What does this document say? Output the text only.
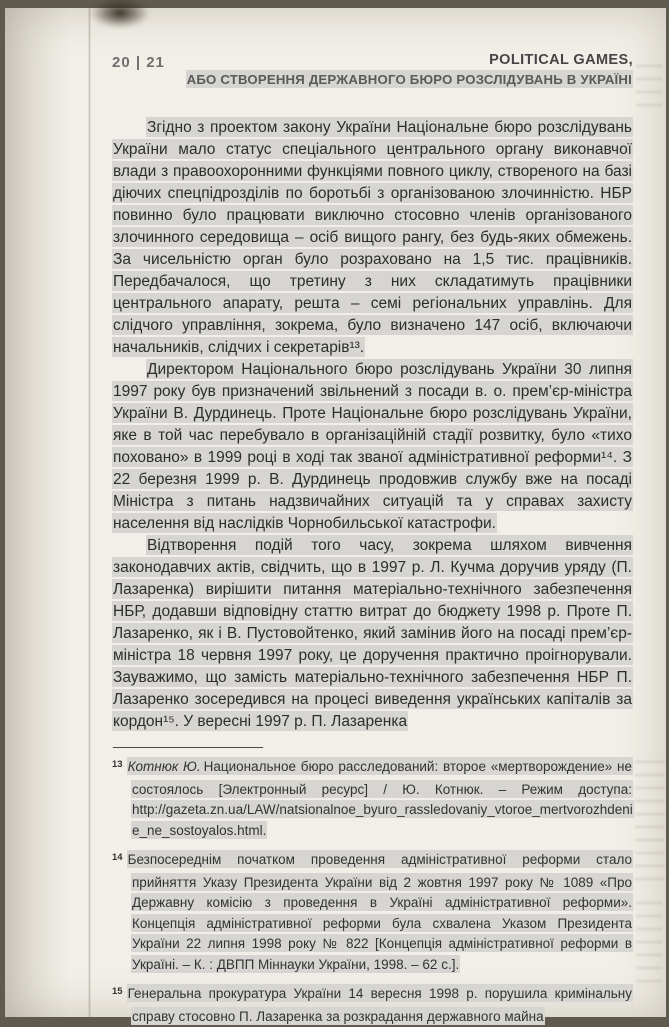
20 | 21	POLITICAL GAMES,
АБО СТВОРЕННЯ ДЕРЖАВНОГО БЮРО РОЗСЛІДУВАНЬ В УКРАЇНІ

Згідно з проектом закону України Національне бюро розслідувань України мало статус спеціального центрального органу виконавчої влади з правоохоронними функціями повного циклу, створеного на базі діючих спецпідрозділів по боротьбі з організованою злочинністю. НБР повинно було працювати виключно стосовно членів організованого злочинного середовища – осіб вищого рангу, без будь-яких обмежень. За чисельністю орган було розраховано на 1,5 тис. працівників. Передбачалося, що третину з них складатимуть працівники центрального апарату, решта – семі регіональних управлінь. Для слідчого управління, зокрема, було визначено 147 осіб, включаючи начальників, слідчих і секретарів¹³.

Директором Національного бюро розслідувань України 30 липня 1997 року був призначений звільнений з посади в. о. прем’єр-міністра України В. Дурдинець. Проте Національне бюро розслідувань України, яке в той час перебувало в організаційній стадії розвитку, було «тихо поховано» в 1999 році в ході так званої адміністративної реформи¹⁴. З 22 березня 1999 р. В. Дурдинець продовжив службу вже на посаді Міністра з питань надзвичайних ситуацій та у справах захисту населення від наслідків Чорнобильської катастрофи.

Відтворення подій того часу, зокрема шляхом вивчення законодавчих актів, свідчить, що в 1997 р. Л. Кучма доручив уряду (П. Лазаренка) вирішити питання матеріально-технічного забезпечення НБР, додавши відповідну статтю витрат до бюджету 1998 р. Проте П. Лазаренко, як і В. Пустовойтенко, який замінив його на посаді прем’єр-міністра 18 червня 1997 року, це доручення практично проігнорували. Зауважимо, що замість матеріально-технічного забезпечення НБР П. Лазаренко зосередився на процесі виведення українських капіталів за кордон¹⁵. У вересні 1997 р. П. Лазаренка

$^{13}$ Котнюк Ю. Национальное бюро расследований: второе «мертворождение» не состоялось [Электронный ресурс] / Ю. Котнюк. – Режим доступа: http://gazeta.zn.ua/LAW/natsionalnoe_byuro_rassledovaniy_vtoroe_mertvorozhdenie_ne_sostoyalos.html.
$^{14}$ Безпосереднім початком проведення адміністративної реформи стало прийняття Указу Президента України від 2 жовтня 1997 року № 1089 «Про Державну комісію з проведення в Україні адміністративної реформи». Концепція адміністративної реформи була схвалена Указом Президента України 22 липня 1998 року № 822 [Концепція адміністративної реформи в Україні. – К. : ДВПП Міннауки України, 1998. – 62 с.].
$^{15}$ Генеральна прокуратура України 14 вересня 1998 р. порушила кримінальну справу стосовно П. Лазаренка за розкрадання державного майна
